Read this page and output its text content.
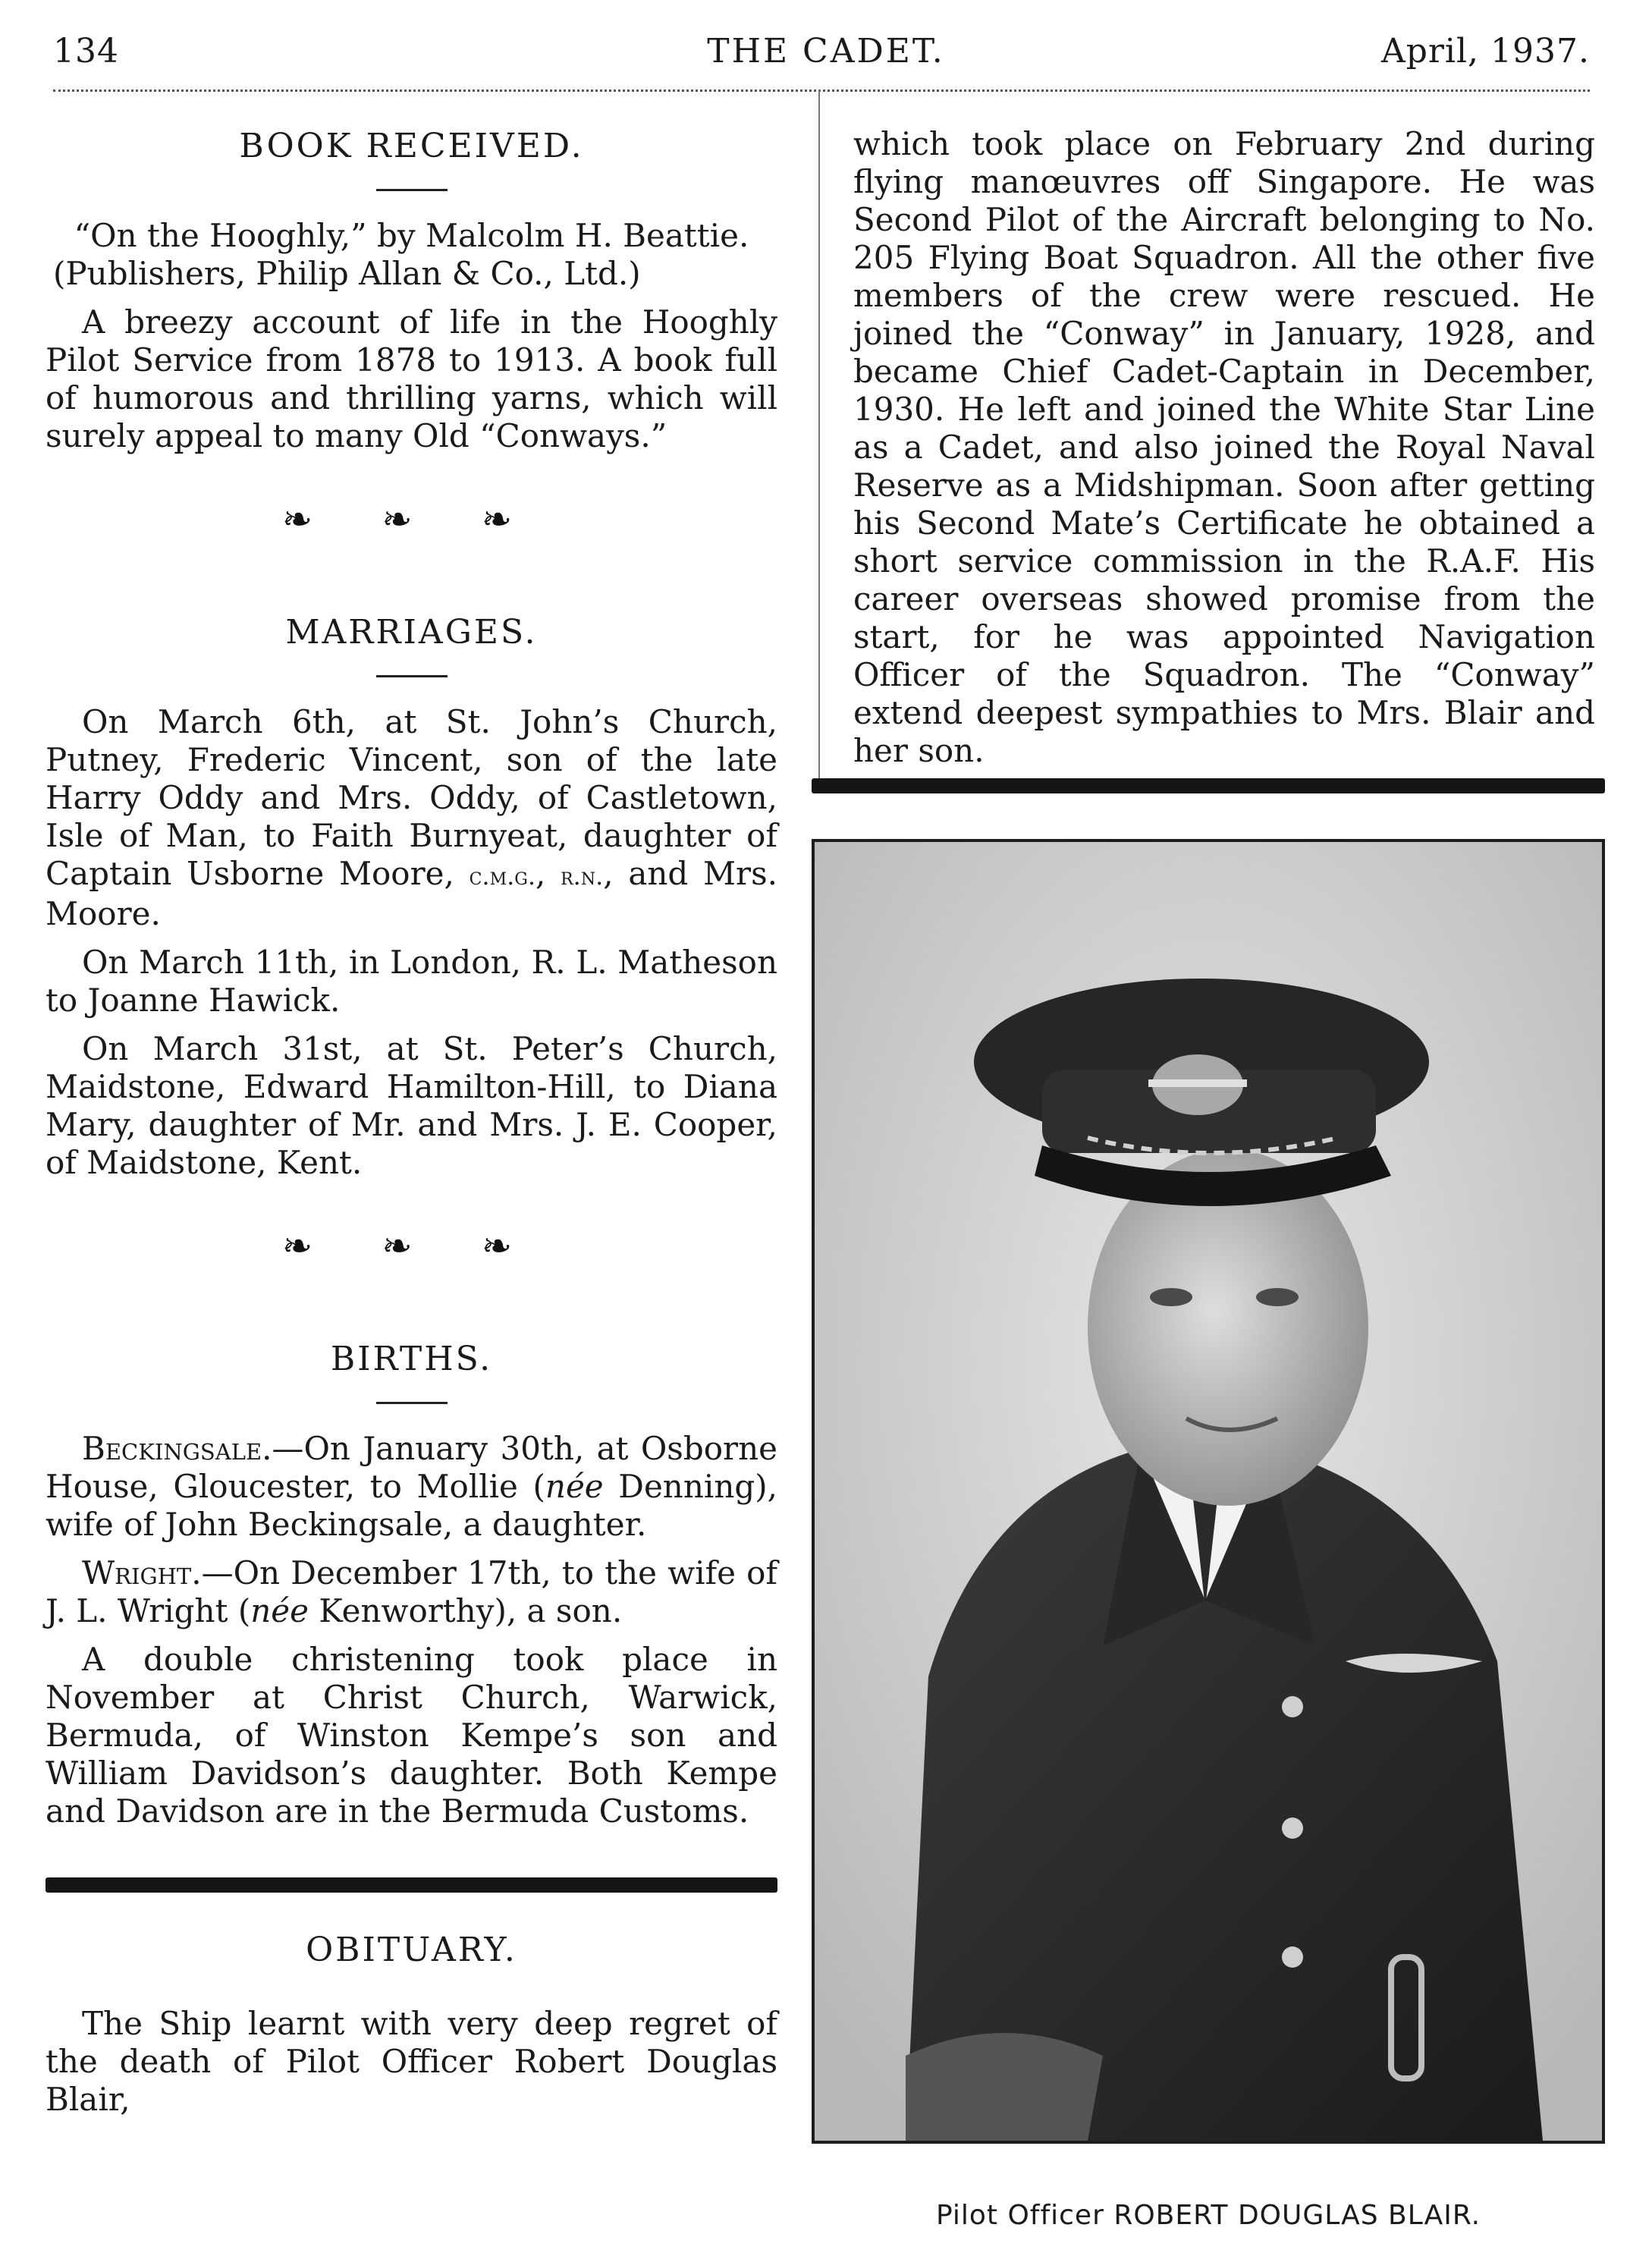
134	THE CADET.	April, 1937.
BOOK RECEIVED.

“On the Hooghly,” by Malcolm H. Beattie.

(Publishers, Philip Allan & Co., Ltd.)

A breezy account of life in the Hooghly Pilot Service from 1878 to 1913. A book full of humorous and thrilling yarns, which will surely appeal to many Old “Conways.”

❧ ❧ ❧
MARRIAGES.

On March 6th, at St. John’s Church, Putney, Frederic Vincent, son of the late Harry Oddy and Mrs. Oddy, of Castletown, Isle of Man, to Faith Burnyeat, daughter of Captain Usborne Moore, c.m.g., r.n., and Mrs. Moore.

On March 11th, in London, R. L. Matheson to Joanne Hawick.

On March 31st, at St. Peter’s Church, Maidstone, Edward Hamilton-Hill, to Diana Mary, daughter of Mr. and Mrs. J. E. Cooper, of Maidstone, Kent.

❧ ❧ ❧
BIRTHS.

Beckingsale.—On January 30th, at Osborne House, Gloucester, to Mollie (née Denning), wife of John Beckingsale, a daughter.

Wright.—On December 17th, to the wife of J. L. Wright (née Kenworthy), a son.

A double christening took place in November at Christ Church, Warwick, Bermuda, of Winston Kempe’s son and William Davidson’s daughter. Both Kempe and Davidson are in the Bermuda Customs.

OBITUARY.

The Ship learnt with very deep regret of the death of Pilot Officer Robert Douglas Blair,

which took place on February 2nd during flying manœuvres off Singapore. He was Second Pilot of the Aircraft belonging to No. 205 Flying Boat Squadron. All the other five members of the crew were rescued. He joined the “Conway” in January, 1928, and became Chief Cadet-Captain in December, 1930. He left and joined the White Star Line as a Cadet, and also joined the Royal Naval Reserve as a Midshipman. Soon after getting his Second Mate’s Certificate he obtained a short service commission in the R.A.F. His career overseas showed promise from the start, for he was appointed Navigation Officer of the Squadron. The “Conway” extend deepest sympathies to Mrs. Blair and her son.

Pilot Officer ROBERT DOUGLAS BLAIR.
